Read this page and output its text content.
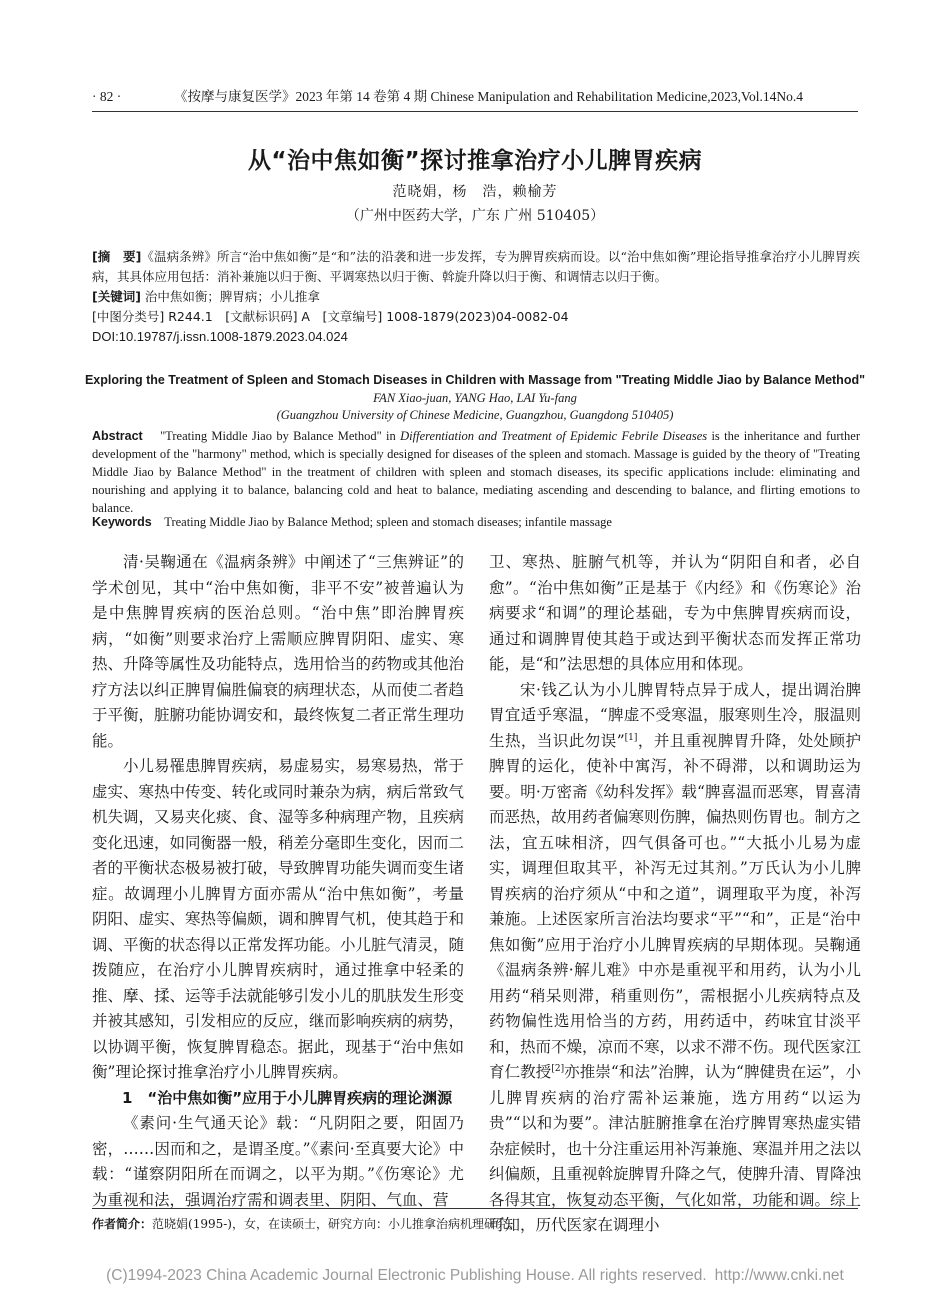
· 82 ·	《按摩与康复医学》2023 年第 14 卷第 4 期 Chinese Manipulation and Rehabilitation Medicine,2023,Vol.14No.4
从“治中焦如衡”探讨推拿治疗小儿脾胃疾病
范晓娟，杨　浩，赖榆芳
（广州中医药大学，广东 广州 510405）

[摘　要]《温病条辨》所言“治中焦如衡”是“和”法的沿袭和进一步发挥，专为脾胃疾病而设。以“治中焦如衡”理论指导推拿治疗小儿脾胃疾病，其具体应用包括：消补兼施以归于衡、平调寒热以归于衡、斡旋升降以归于衡、和调情志以归于衡。

[关键词] 治中焦如衡；脾胃病；小儿推拿

[中图分类号] R244.1　[文献标识码] A　[文章编号] 1008-1879(2023)04-0082-04

DOI:10.19787/j.issn.1008-1879.2023.04.024

Exploring the Treatment of Spleen and Stomach Diseases in Children with Massage from "Treating Middle Jiao by Balance Method"
FAN Xiao-juan, YANG Hao, LAI Yu-fang
(Guangzhou University of Chinese Medicine, Guangzhou, Guangdong 510405)

Abstract "Treating Middle Jiao by Balance Method" in Differentiation and Treatment of Epidemic Febrile Diseases is the inheritance and further development of the "harmony" method, which is specially designed for diseases of the spleen and stomach. Massage is guided by the theory of "Treating Middle Jiao by Balance Method" in the treatment of children with spleen and stomach diseases, its specific applications include: eliminating and nourishing and applying it to balance, balancing cold and heat to balance, mediating ascending and descending to balance, and flirting emotions to balance.

Keywords Treating Middle Jiao by Balance Method; spleen and stomach diseases; infantile massage

清·吴鞠通在《温病条辨》中阐述了“三焦辨证”的学术创见，其中“治中焦如衡，非平不安”被普遍认为是中焦脾胃疾病的医治总则。“治中焦”即治脾胃疾病，“如衡”则要求治疗上需顺应脾胃阴阳、虚实、寒热、升降等属性及功能特点，选用恰当的药物或其他治疗方法以纠正脾胃偏胜偏衰的病理状态，从而使二者趋于平衡，脏腑功能协调安和，最终恢复二者正常生理功能。

小儿易罹患脾胃疾病，易虚易实，易寒易热，常于虚实、寒热中传变、转化或同时兼杂为病，病后常致气机失调，又易夹化痰、食、湿等多种病理产物，且疾病变化迅速，如同衡器一般，稍差分毫即生变化，因而二者的平衡状态极易被打破，导致脾胃功能失调而变生诸症。故调理小儿脾胃方面亦需从“治中焦如衡”，考量阴阳、虚实、寒热等偏颇，调和脾胃气机，使其趋于和调、平衡的状态得以正常发挥功能。小儿脏气清灵，随拨随应，在治疗小儿脾胃疾病时，通过推拿中轻柔的推、摩、揉、运等手法就能够引发小儿的肌肤发生形变并被其感知，引发相应的反应，继而影响疾病的病势，以协调平衡，恢复脾胃稳态。据此，现基于“治中焦如衡”理论探讨推拿治疗小儿脾胃疾病。

1　“治中焦如衡”应用于小儿脾胃疾病的理论渊源

《素问·生气通天论》载：“凡阴阳之要，阳固乃密，……因而和之，是谓圣度。”《素问·至真要大论》中载：“谨察阴阳所在而调之，以平为期。”《伤寒论》尤为重视和法，强调治疗需和调表里、阴阳、气血、营

卫、寒热、脏腑气机等，并认为“阴阳自和者，必自愈”。“治中焦如衡”正是基于《内经》和《伤寒论》治病要求“和调”的理论基础，专为中焦脾胃疾病而设，通过和调脾胃使其趋于或达到平衡状态而发挥正常功能，是“和”法思想的具体应用和体现。

宋·钱乙认为小儿脾胃特点异于成人，提出调治脾胃宜适乎寒温，“脾虚不受寒温，服寒则生冷，服温则生热，当识此勿误”[1]，并且重视脾胃升降，处处顾护脾胃的运化，使补中寓泻，补不碍滞，以和调助运为要。明·万密斋《幼科发挥》载“脾喜温而恶寒，胃喜清而恶热，故用药者偏寒则伤脾，偏热则伤胃也。制方之法，宜五味相济，四气俱备可也。”“大抵小儿易为虚实，调理但取其平，补泻无过其剂。”万氏认为小儿脾胃疾病的治疗须从“中和之道”，调理取平为度，补泻兼施。上述医家所言治法均要求“平”“和”，正是“治中焦如衡”应用于治疗小儿脾胃疾病的早期体现。吴鞠通《温病条辨·解儿难》中亦是重视平和用药，认为小儿用药“稍呆则滞，稍重则伤”，需根据小儿疾病特点及药物偏性选用恰当的方药，用药适中，药味宜甘淡平和，热而不燥，凉而不寒，以求不滞不伤。现代医家江育仁教授[2]亦推崇“和法”治脾，认为“脾健贵在运”，小儿脾胃疾病的治疗需补运兼施，选方用药“以运为贵”“以和为要”。津沽脏腑推拿在治疗脾胃寒热虚实错杂症候时，也十分注重运用补泻兼施、寒温并用之法以纠偏颇，且重视斡旋脾胃升降之气，使脾升清、胃降浊各得其宜，恢复动态平衡，气化如常，功能和调。综上可知，历代医家在调理小

作者简介：范晓娟(1995-)，女，在读硕士，研究方向：小儿推拿治病机理研究。
(C)1994-2023 China Academic Journal Electronic Publishing House. All rights reserved. http://www.cnki.net
